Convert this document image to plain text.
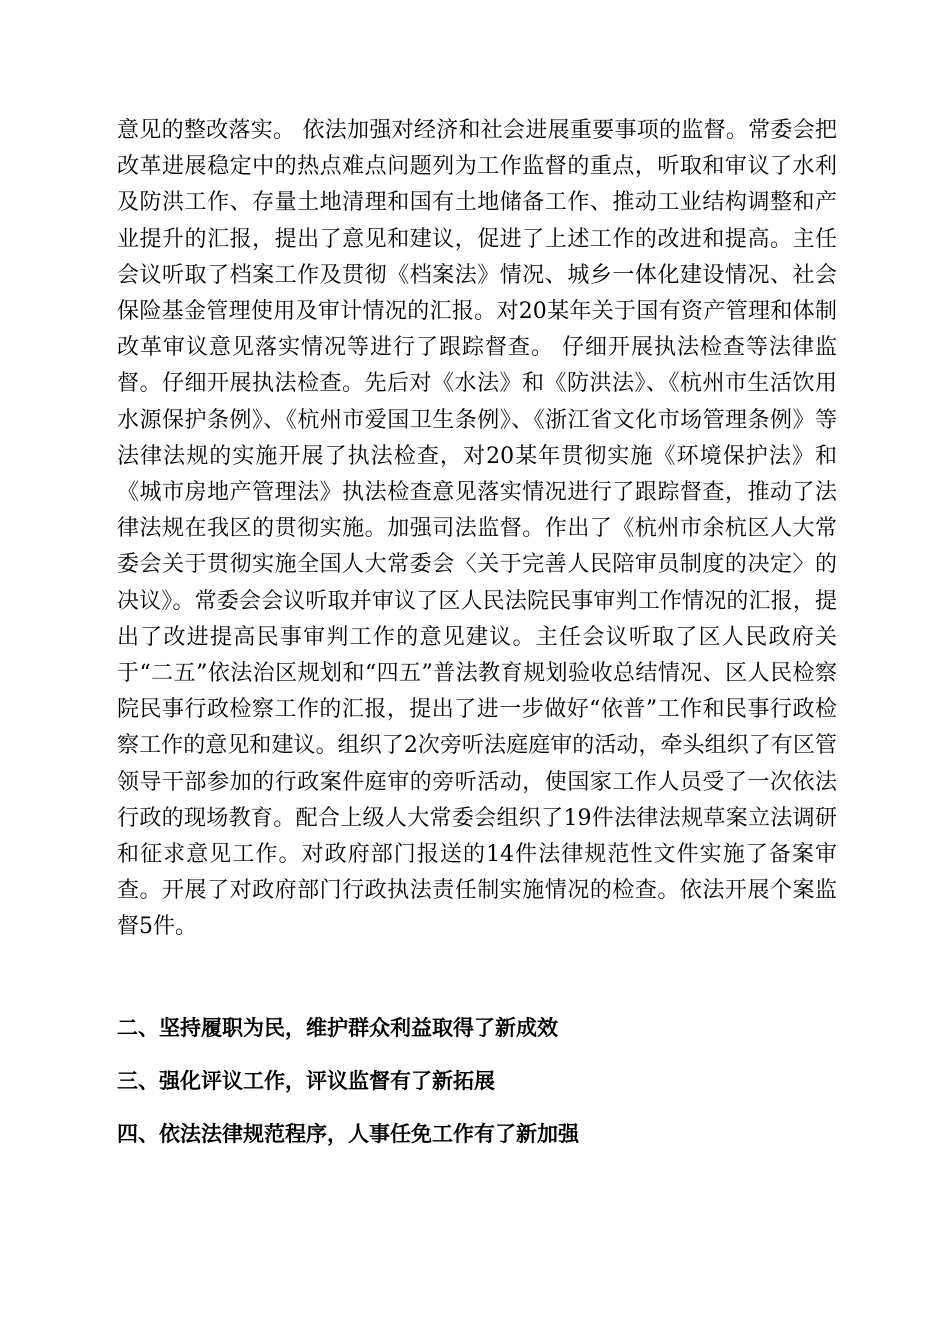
意见的整改落实。 依法加强对经济和社会进展重要事项的监督。常委会把改革进展稳定中的热点难点问题列为工作监督的重点，听取和审议了水利及防洪工作、存量土地清理和国有土地储备工作、推动工业结构调整和产业提升的汇报，提出了意见和建议，促进了上述工作的改进和提高。主任会议听取了档案工作及贯彻《档案法》情况、城乡一体化建设情况、社会保险基金管理使用及审计情况的汇报。对20某年关于国有资产管理和体制改革审议意见落实情况等进行了跟踪督查。 仔细开展执法检查等法律监督。仔细开展执法检查。先后对《水法》和《防洪法》、《杭州市生活饮用水源保护条例》、《杭州市爱国卫生条例》、《浙江省文化市场管理条例》等法律法规的实施开展了执法检查，对20某年贯彻实施《环境保护法》和《城市房地产管理法》执法检查意见落实情况进行了跟踪督查，推动了法律法规在我区的贯彻实施。加强司法监督。作出了《杭州市余杭区人大常委会关于贯彻实施全国人大常委会〈关于完善人民陪审员制度的决定〉的决议》。常委会会议听取并审议了区人民法院民事审判工作情况的汇报，提出了改进提高民事审判工作的意见建议。主任会议听取了区人民政府关于“二五”依法治区规划和“四五”普法教育规划验收总结情况、区人民检察院民事行政检察工作的汇报，提出了进一步做好“依普”工作和民事行政检察工作的意见和建议。组织了2次旁听法庭庭审的活动，牵头组织了有区管领导干部参加的行政案件庭审的旁听活动，使国家工作人员受了一次依法行政的现场教育。配合上级人大常委会组织了19件法律法规草案立法调研和征求意见工作。对政府部门报送的14件法律规范性文件实施了备案审查。开展了对政府部门行政执法责任制实施情况的检查。依法开展个案监督5件。

二、坚持履职为民，维护群众利益取得了新成效
三、强化评议工作，评议监督有了新拓展
四、依法法律规范程序，人事任免工作有了新加强
